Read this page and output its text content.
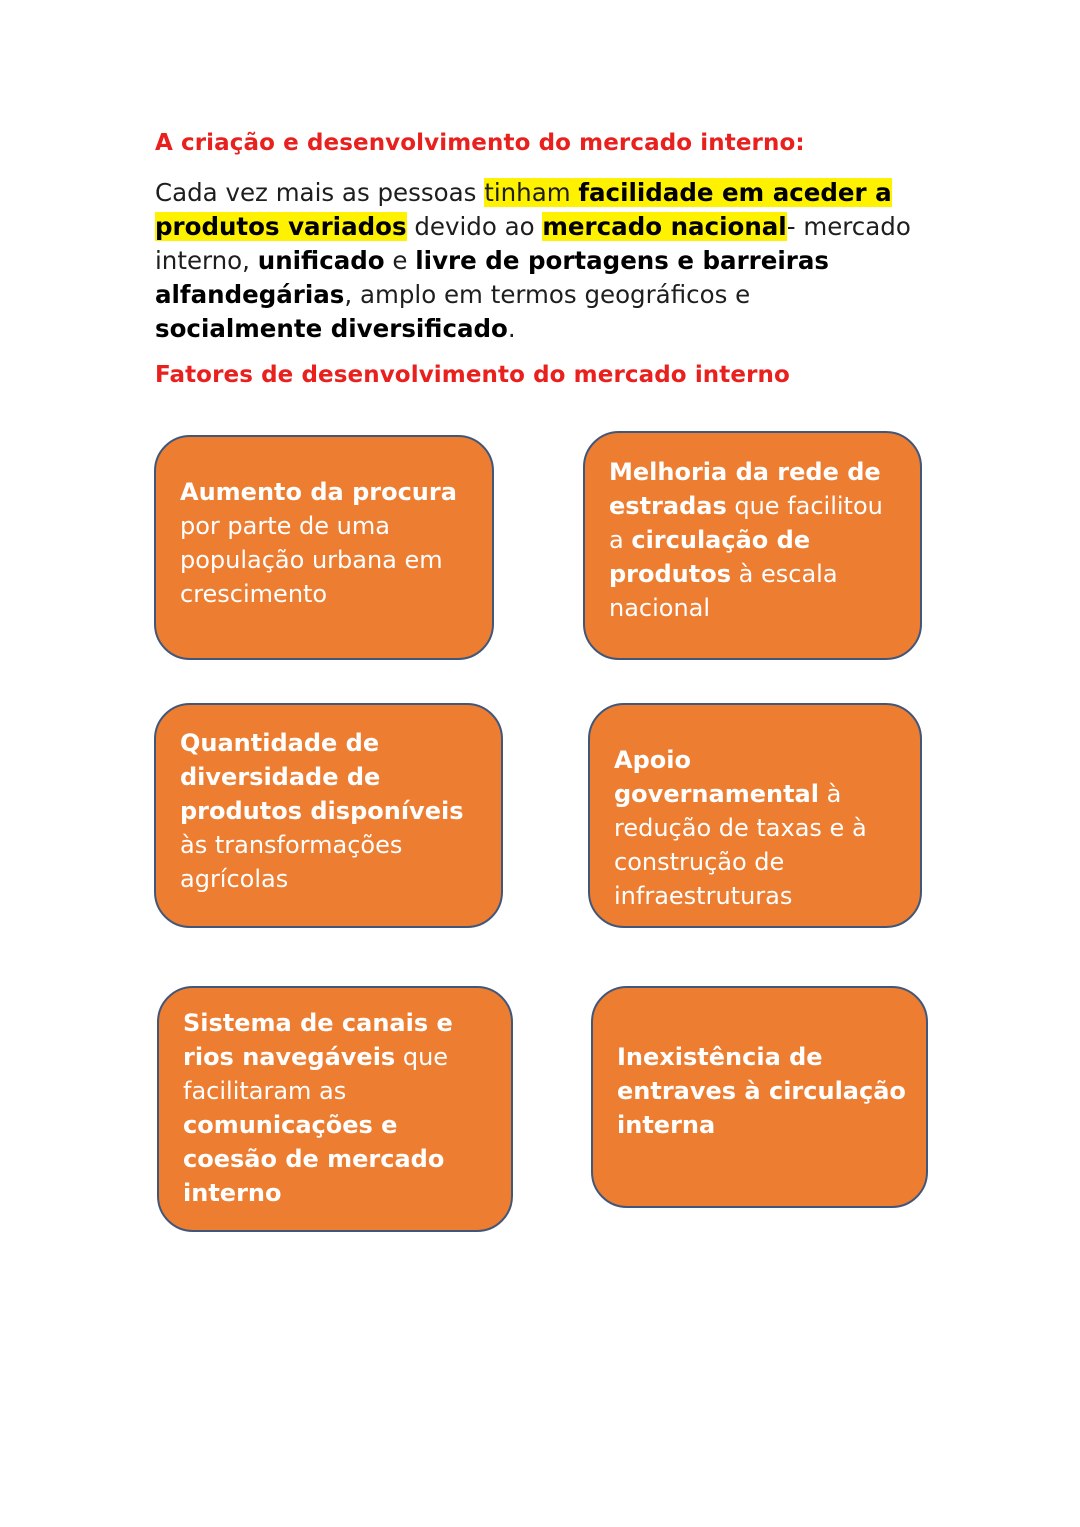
A criação e desenvolvimento do mercado interno:

Cada vez mais as pessoas tinham facilidade em aceder a produtos variados devido ao mercado nacional- mercado interno, unificado e livre de portagens e barreiras alfandegárias, amplo em termos geográficos e socialmente diversificado.

Fatores de desenvolvimento do mercado interno
Aumento da procura por parte de uma população urbana em crescimento
Melhoria da rede de estradas que facilitou a circulação de produtos à escala nacional
Quantidade de diversidade de produtos disponíveis às transformações agrícolas
Apoio governamental à redução de taxas e à construção de infraestruturas
Sistema de canais e rios navegáveis que facilitaram as comunicações e coesão de mercado interno
Inexistência de entraves à circulação interna
